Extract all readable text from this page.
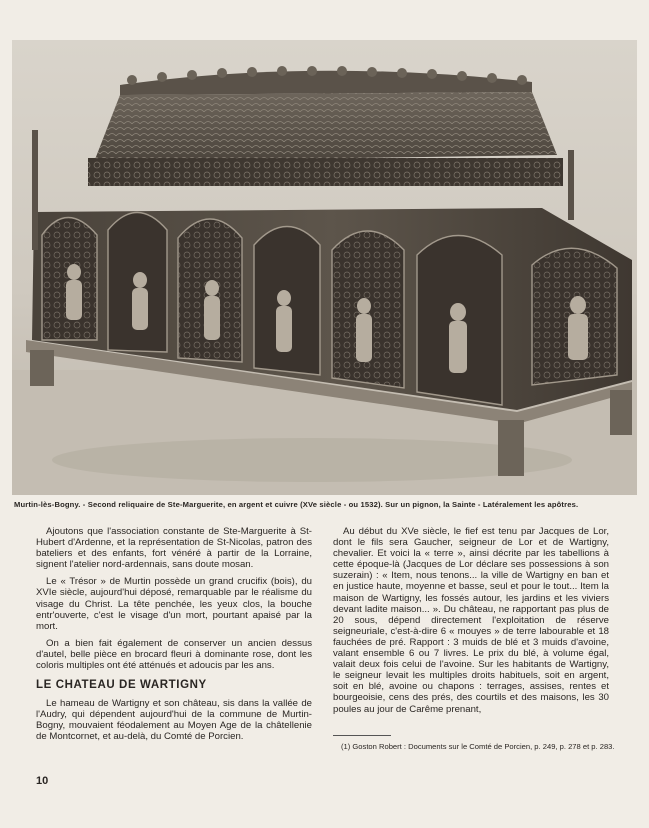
Murtin-lès-Bogny. - Second reliquaire de Ste-Marguerite, en argent et cuivre (XVe siècle - ou 1532). Sur un pignon, la Sainte - Latéralement les apôtres.

Ajoutons que l'association constante de Ste-Marguerite à St-Hubert d'Ardenne, et la représentation de St-Nicolas, patron des bateliers et des enfants, fort vénéré à partir de la Lorraine, signent l'atelier nord-ardennais, sans doute mosan.

Le « Trésor » de Murtin possède un grand crucifix (bois), du XVIe siècle, aujourd'hui déposé, remarquable par le réalisme du visage du Christ. La tête penchée, les yeux clos, la bouche entr'ouverte, c'est le visage d'un mort, pourtant apaisé par la mort.

On a bien fait également de conserver un ancien dessus d'autel, belle pièce en brocard fleuri à dominante rose, dont les coloris multiples ont été atténués et adoucis par les ans.

LE CHATEAU DE WARTIGNY

Le hameau de Wartigny et son château, sis dans la vallée de l'Audry, qui dépendent aujourd'hui de la commune de Murtin-Bogny, mouvaient féodalement au Moyen Age de la châtellenie de Montcornet, et au-delà, du Comté de Porcien.

Au début du XVe siècle, le fief est tenu par Jacques de Lor, dont le fils sera Gaucher, seigneur de Lor et de Wartigny, chevalier. Et voici la « terre », ainsi décrite par les tabellions à cette époque-là (Jacques de Lor déclare ses possessions à son suzerain) : « Item, nous tenons... la ville de Wartigny en ban et en justice haute, moyenne et basse, seul et pour le tout... Item la maison de Wartigny, les fossés autour, les jardins et les viviers devant ladite maison... ». Du château, ne rapportant pas plus de 20 sous, dépend directement l'exploitation de réserve seigneuriale, c'est-à-dire 6 « mouyes » de terre labourable et 18 fauchées de pré. Rapport : 3 muids de blé et 3 muids d'avoine, valant ensemble 6 ou 7 livres. Le prix du blé, à volume égal, valait deux fois celui de l'avoine. Sur les habitants de Wartigny, le seigneur levait les multiples droits habituels, soit en argent, soit en blé, avoine ou chapons : terrages, assises, rentes et bourgeoisie, cens des prés, des courtils et des maisons, les 30 poules au jour de Carême prenant,

(1) Goston Robert : Documents sur le Comté de Porcien, p. 249, p. 278 et p. 283.
10
